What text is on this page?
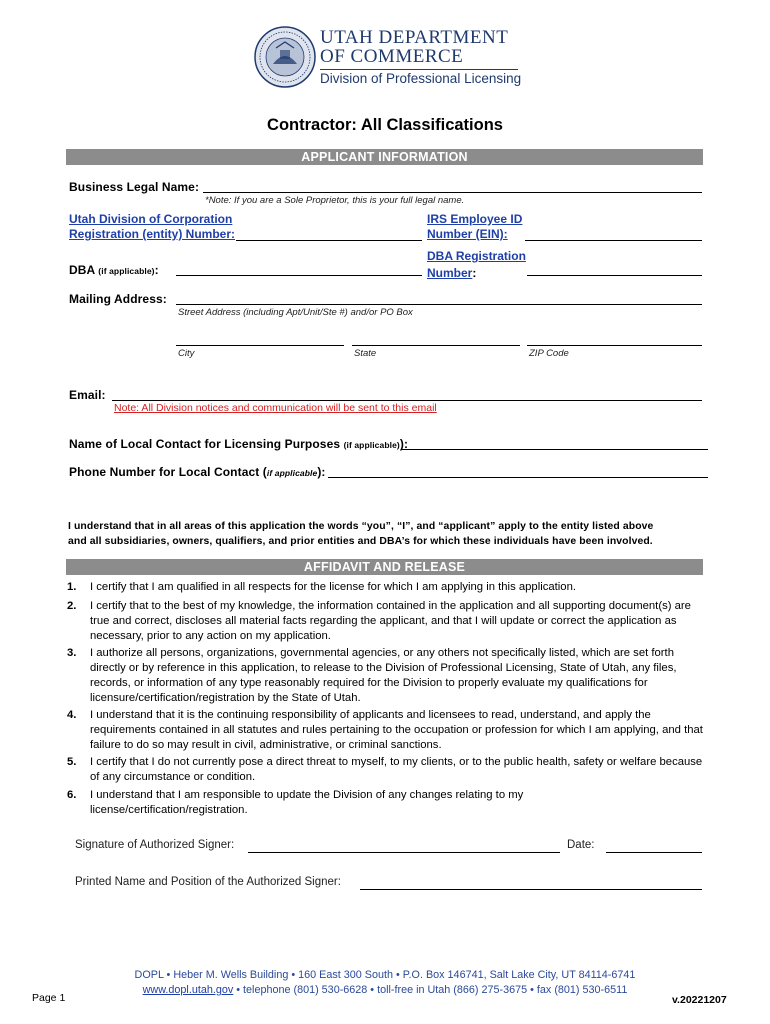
UTAH DEPARTMENT
OF COMMERCE
Division of Professional Licensing
Contractor: All Classifications
APPLICANT INFORMATION
Business Legal Name:
*Note: If you are a Sole Proprietor, this is your full legal name.
Utah Division of Corporation
Registration (entity) Number:
IRS Employee ID
Number (EIN):
DBA (if applicable):
DBA Registration
Number:
Mailing Address:
Street Address (including Apt/Unit/Ste #) and/or PO Box
City	State	ZIP Code
Email:
Note: All Division notices and communication will be sent to this email
Name of Local Contact for Licensing Purposes (if applicable)):
Phone Number for Local Contact (if applicable):
I understand that in all areas of this application the words “you”, “I”, and “applicant” apply to the entity listed above
and all subsidiaries, owners, qualifiers, and prior entities and DBA’s for which these individuals have been involved.
AFFIDAVIT AND RELEASE
1. I certify that I am qualified in all respects for the license for which I am applying in this application.
2. I certify that to the best of my knowledge, the information contained in the application and all supporting document(s) are true and correct, discloses all material facts regarding the applicant, and that I will update or correct the application as necessary, prior to any action on my application.
3. I authorize all persons, organizations, governmental agencies, or any others not specifically listed, which are set forth directly or by reference in this application, to release to the Division of Professional Licensing, State of Utah, any files, records, or information of any type reasonably required for the Division to properly evaluate my qualifications for licensure/certification/registration by the State of Utah.
4. I understand that it is the continuing responsibility of applicants and licensees to read, understand, and apply the requirements contained in all statutes and rules pertaining to the occupation or profession for which I am applying, and that failure to do so may result in civil, administrative, or criminal sanctions.
5. I certify that I do not currently pose a direct threat to myself, to my clients, or to the public health, safety or welfare because of any circumstance or condition.
6. I understand that I am responsible to update the Division of any changes relating to my license/certification/registration.
Signature of Authorized Signer:	Date:
Printed Name and Position of the Authorized Signer:
DOPL • Heber M. Wells Building • 160 East 300 South • P.O. Box 146741, Salt Lake City, UT 84114-6741
www.dopl.utah.gov • telephone (801) 530-6628 • toll-free in Utah (866) 275-3675 • fax (801) 530-6511
Page 1	v.20221207
